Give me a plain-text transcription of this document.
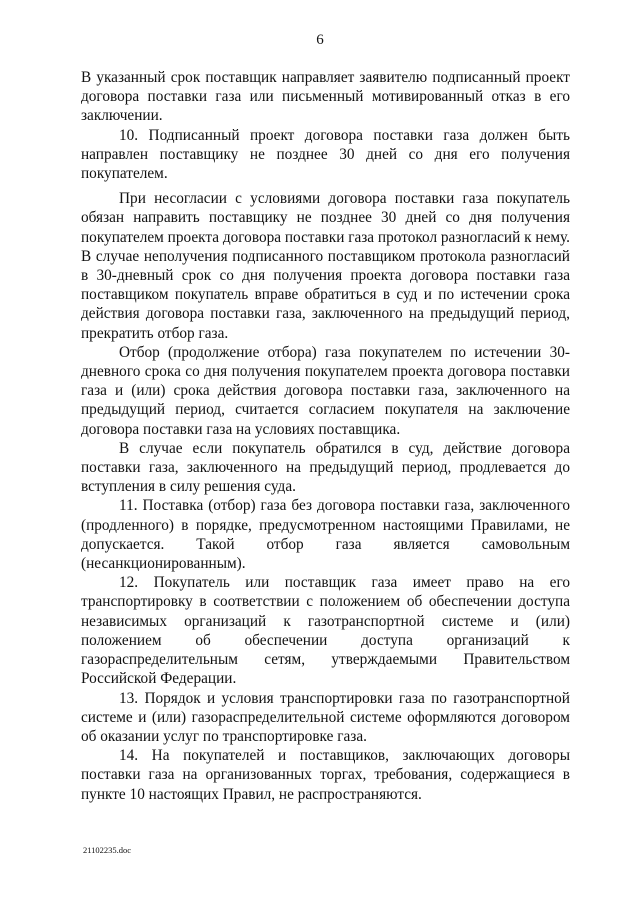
6

В указанный срок поставщик направляет заявителю подписанный проект договора поставки газа или письменный мотивированный отказ в его заключении.

10. Подписанный проект договора поставки газа должен быть направлен поставщику не позднее 30 дней со дня его получения покупателем.

При несогласии с условиями договора поставки газа покупатель обязан направить поставщику не позднее 30 дней со дня получения покупателем проекта договора поставки газа протокол разногласий к нему. В случае неполучения подписанного поставщиком протокола разногласий в 30-дневный срок со дня получения проекта договора поставки газа поставщиком покупатель вправе обратиться в суд и по истечении срока действия договора поставки газа, заключенного на предыдущий период, прекратить отбор газа.

Отбор (продолжение отбора) газа покупателем по истечении 30-дневного срока со дня получения покупателем проекта договора поставки газа и (или) срока действия договора поставки газа, заключенного на предыдущий период, считается согласием покупателя на заключение договора поставки газа на условиях поставщика.

В случае если покупатель обратился в суд, действие договора поставки газа, заключенного на предыдущий период, продлевается до вступления в силу решения суда.

11. Поставка (отбор) газа без договора поставки газа, заключенного (продленного) в порядке, предусмотренном настоящими Правилами, не допускается. Такой отбор газа является самовольным (несанкционированным).

12. Покупатель или поставщик газа имеет право на его транспортировку в соответствии с положением об обеспечении доступа независимых организаций к газотранспортной системе и (или) положением об обеспечении доступа организаций к газораспределительным сетям, утверждаемыми Правительством Российской Федерации.

13. Порядок и условия транспортировки газа по газотранспортной системе и (или) газораспределительной системе оформляются договором об оказании услуг по транспортировке газа.

14. На покупателей и поставщиков, заключающих договоры поставки газа на организованных торгах, требования, содержащиеся в пункте 10 настоящих Правил, не распространяются.

21102235.doc
